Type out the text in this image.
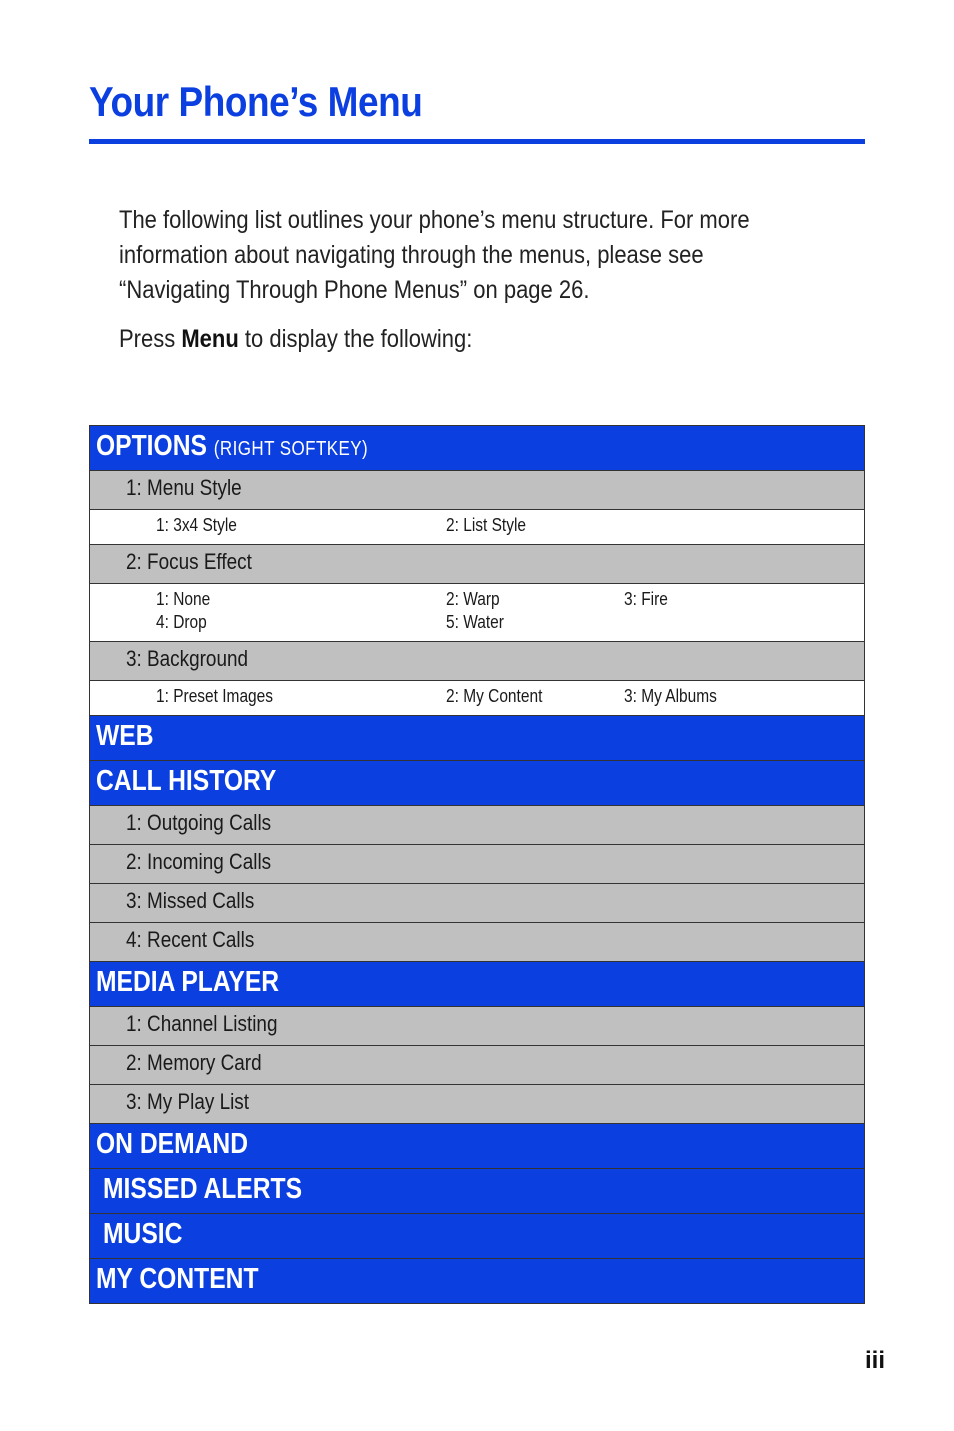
Your Phone’s Menu

The following list outlines your phone’s menu structure. For more information about navigating through the menus, please see “Navigating Through Phone Menus” on page 26.

Press Menu to display the following:
OPTIONS (RIGHT SOFTKEY)
1: Menu Style
1: 3x4 Style	2: List Style
2: Focus Effect
1: None	2: Warp	3: Fire
4: Drop	5: Water
3: Background
1: Preset Images	2: My Content	3: My Albums
WEB
CALL HISTORY
1: Outgoing Calls
2: Incoming Calls
3: Missed Calls
4: Recent Calls
MEDIA PLAYER
1: Channel Listing
2: Memory Card
3: My Play List
ON DEMAND
MISSED ALERTS
MUSIC
MY CONTENT
iii
